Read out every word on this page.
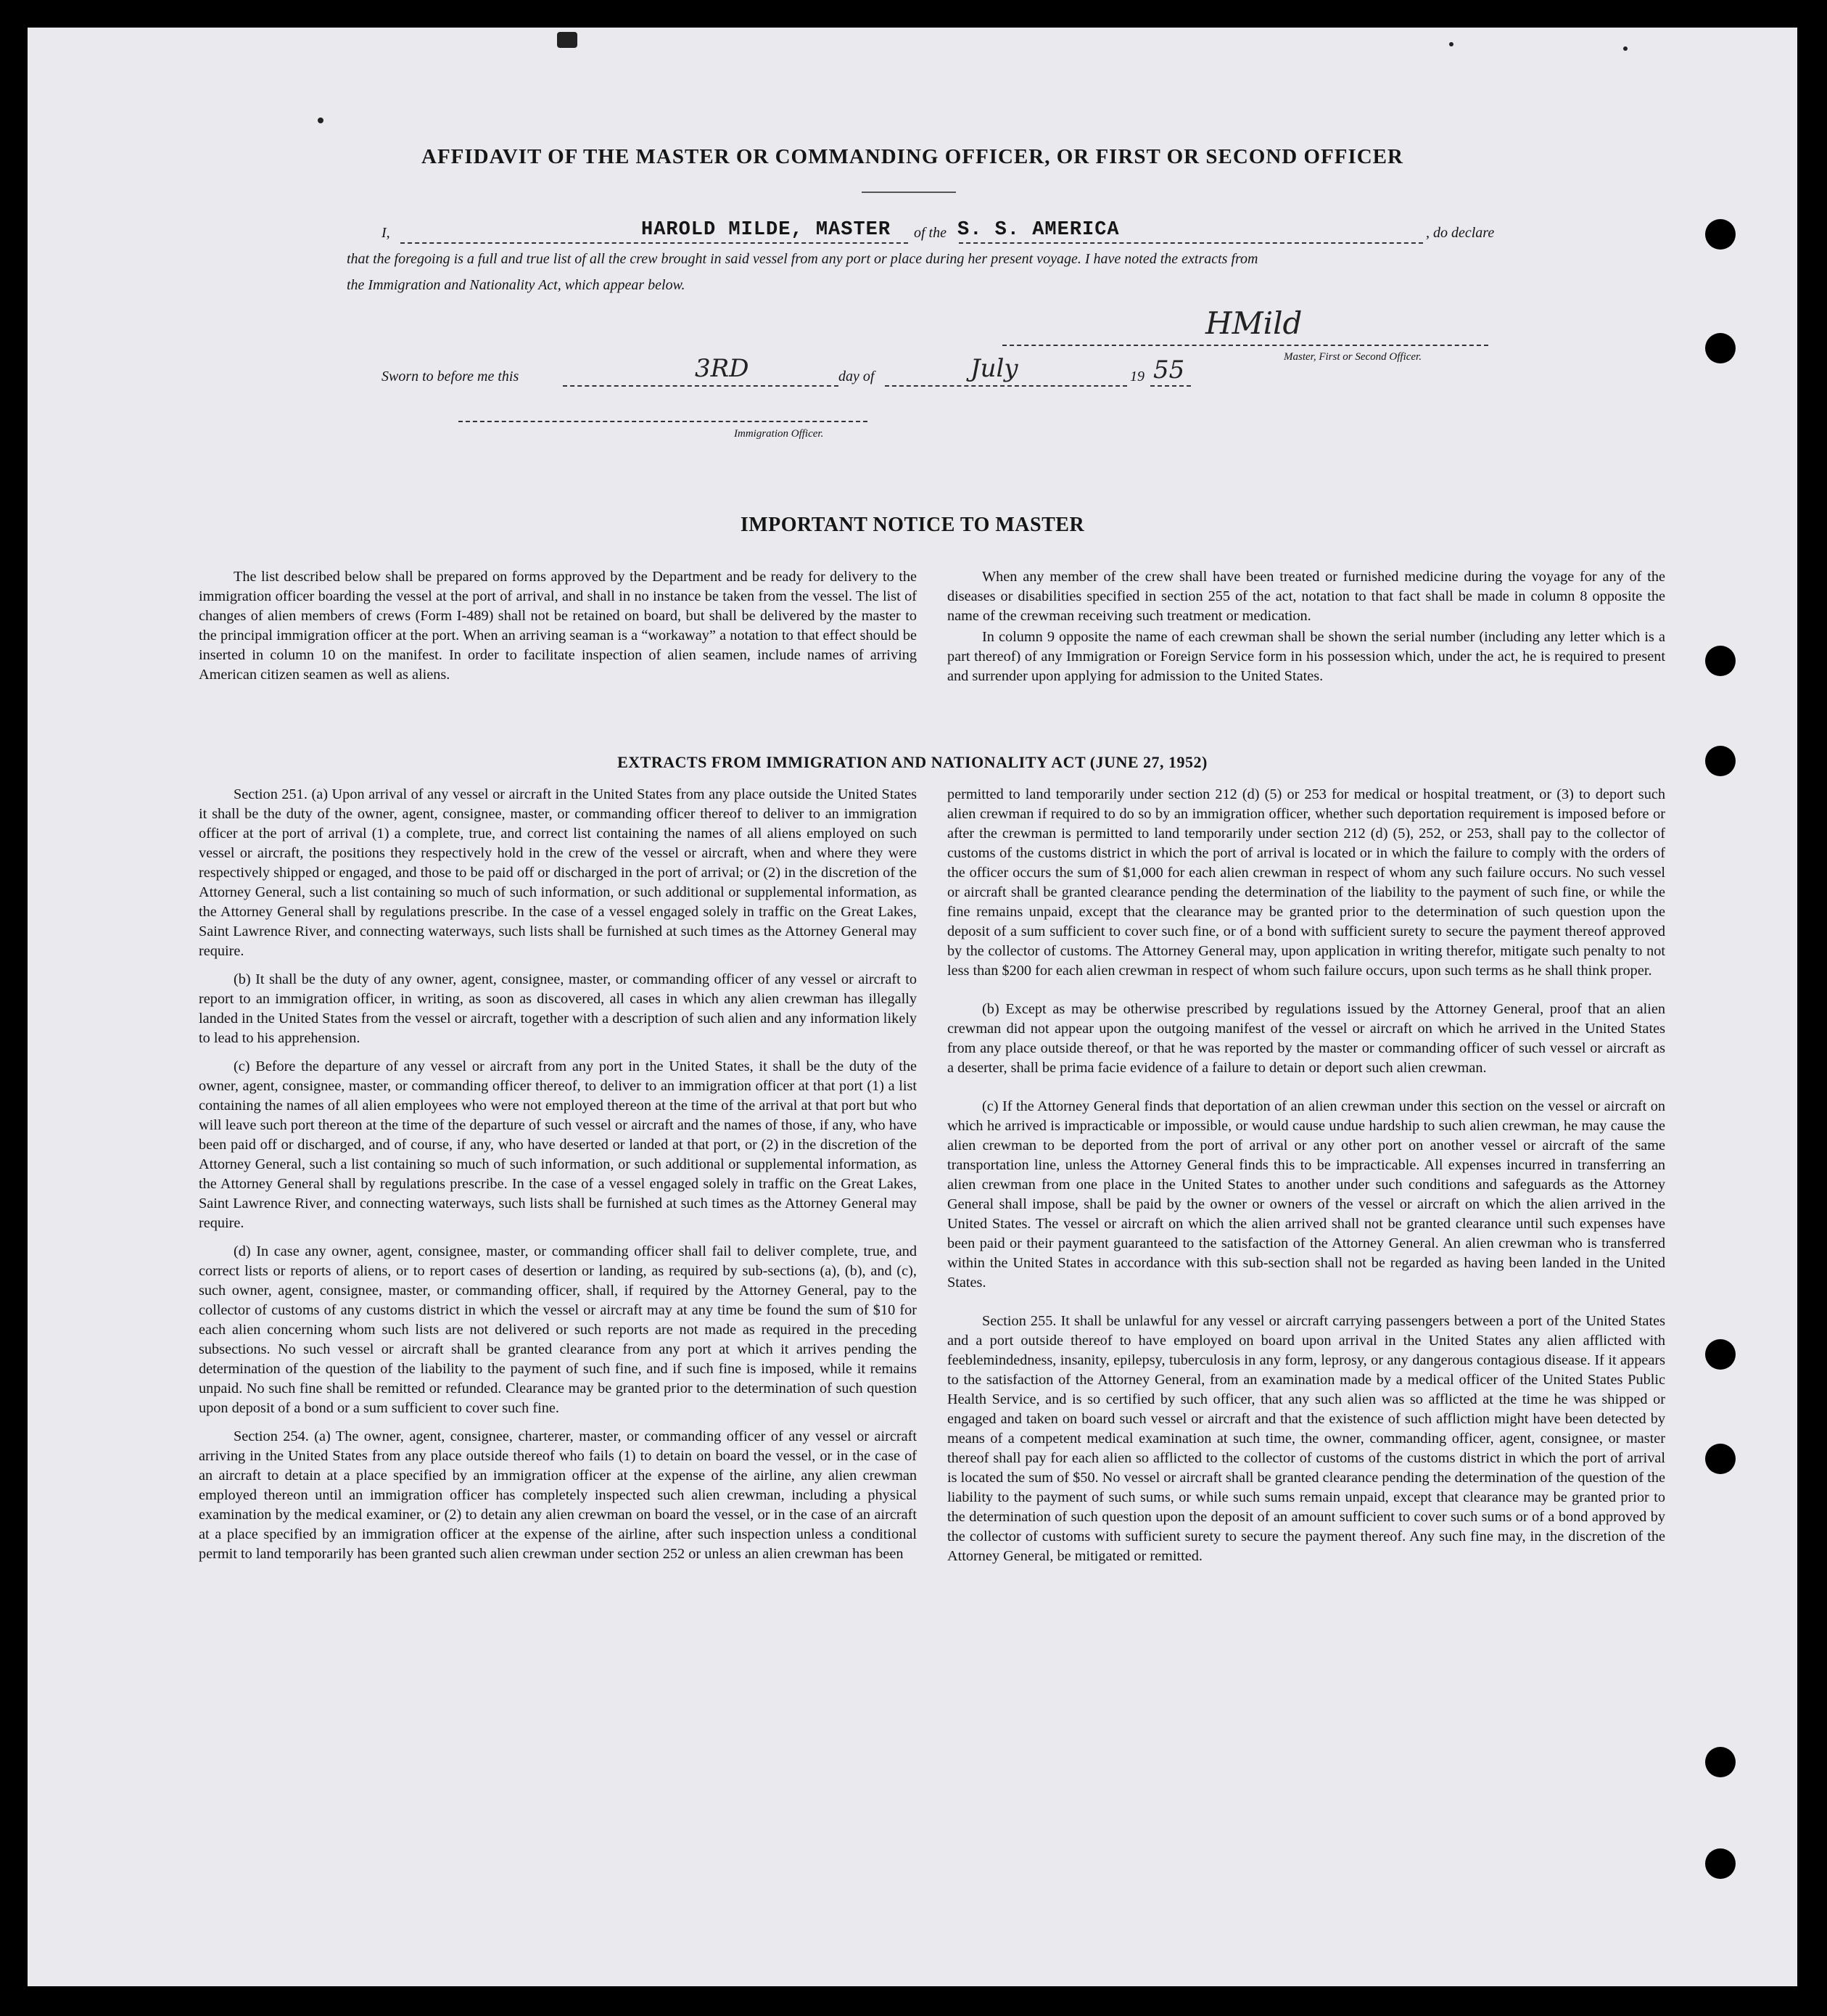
AFFIDAVIT OF THE MASTER OR COMMANDING OFFICER, OR FIRST OR SECOND OFFICER
I,	HAROLD MILDE, MASTER of the S. S. AMERICA	, do declare
that the foregoing is a full and true list of all the crew brought in said vessel from any port or place during her present voyage. I have noted the extracts from
the Immigration and Nationality Act, which appear below.
HMild
Master, First or Second Officer.
Sworn to before me this	3RD	day of	July	19 55
Immigration Officer.
IMPORTANT NOTICE TO MASTER

The list described below shall be prepared on forms approved by the Department and be ready for delivery to the immigration officer boarding the vessel at the port of arrival, and shall in no instance be taken from the vessel. The list of changes of alien members of crews (Form I-489) shall not be retained on board, but shall be delivered by the master to the principal immigration officer at the port. When an arriving seaman is a “workaway” a notation to that effect should be inserted in column 10 on the manifest. In order to facilitate inspection of alien seamen, include names of arriving American citizen seamen as well as aliens.

When any member of the crew shall have been treated or furnished medicine during the voyage for any of the diseases or disabilities specified in section 255 of the act, notation to that fact shall be made in column 8 opposite the name of the crewman receiving such treatment or medication.

In column 9 opposite the name of each crewman shall be shown the serial number (including any letter which is a part thereof) of any Immigration or Foreign Service form in his possession which, under the act, he is required to present and surrender upon applying for admission to the United States.

EXTRACTS FROM IMMIGRATION AND NATIONALITY ACT (JUNE 27, 1952)

Section 251. (a) Upon arrival of any vessel or aircraft in the United States from any place outside the United States it shall be the duty of the owner, agent, consignee, master, or commanding officer thereof to deliver to an immigration officer at the port of arrival (1) a complete, true, and correct list containing the names of all aliens employed on such vessel or aircraft, the positions they respectively hold in the crew of the vessel or aircraft, when and where they were respectively shipped or engaged, and those to be paid off or discharged in the port of arrival; or (2) in the discretion of the Attorney General, such a list containing so much of such information, or such additional or supplemental information, as the Attorney General shall by regulations prescribe. In the case of a vessel engaged solely in traffic on the Great Lakes, Saint Lawrence River, and connecting waterways, such lists shall be furnished at such times as the Attorney General may require.

(b) It shall be the duty of any owner, agent, consignee, master, or commanding officer of any vessel or aircraft to report to an immigration officer, in writing, as soon as discovered, all cases in which any alien crewman has illegally landed in the United States from the vessel or aircraft, together with a description of such alien and any information likely to lead to his apprehension.

(c) Before the departure of any vessel or aircraft from any port in the United States, it shall be the duty of the owner, agent, consignee, master, or commanding officer thereof, to deliver to an immigration officer at that port (1) a list containing the names of all alien employees who were not employed thereon at the time of the arrival at that port but who will leave such port thereon at the time of the departure of such vessel or aircraft and the names of those, if any, who have been paid off or discharged, and of course, if any, who have deserted or landed at that port, or (2) in the discretion of the Attorney General, such a list containing so much of such information, or such additional or supplemental information, as the Attorney General shall by regulations prescribe. In the case of a vessel engaged solely in traffic on the Great Lakes, Saint Lawrence River, and connecting waterways, such lists shall be furnished at such times as the Attorney General may require.

(d) In case any owner, agent, consignee, master, or commanding officer shall fail to deliver complete, true, and correct lists or reports of aliens, or to report cases of desertion or landing, as required by sub-sections (a), (b), and (c), such owner, agent, consignee, master, or commanding officer, shall, if required by the Attorney General, pay to the collector of customs of any customs district in which the vessel or aircraft may at any time be found the sum of $10 for each alien concerning whom such lists are not delivered or such reports are not made as required in the preceding subsections. No such vessel or aircraft shall be granted clearance from any port at which it arrives pending the determination of the question of the liability to the payment of such fine, and if such fine is imposed, while it remains unpaid. No such fine shall be remitted or refunded. Clearance may be granted prior to the determination of such question upon deposit of a bond or a sum sufficient to cover such fine.

Section 254. (a) The owner, agent, consignee, charterer, master, or commanding officer of any vessel or aircraft arriving in the United States from any place outside thereof who fails (1) to detain on board the vessel, or in the case of an aircraft to detain at a place specified by an immigration officer at the expense of the airline, any alien crewman employed thereon until an immigration officer has completely inspected such alien crewman, including a physical examination by the medical examiner, or (2) to detain any alien crewman on board the vessel, or in the case of an aircraft at a place specified by an immigration officer at the expense of the airline, after such inspection unless a conditional permit to land temporarily has been granted such alien crewman under section 252 or unless an alien crewman has been

permitted to land temporarily under section 212 (d) (5) or 253 for medical or hospital treatment, or (3) to deport such alien crewman if required to do so by an immigration officer, whether such deportation requirement is imposed before or after the crewman is permitted to land temporarily under section 212 (d) (5), 252, or 253, shall pay to the collector of customs of the customs district in which the port of arrival is located or in which the failure to comply with the orders of the officer occurs the sum of $1,000 for each alien crewman in respect of whom any such failure occurs. No such vessel or aircraft shall be granted clearance pending the determination of the liability to the payment of such fine, or while the fine remains unpaid, except that the clearance may be granted prior to the determination of such question upon the deposit of a sum sufficient to cover such fine, or of a bond with sufficient surety to secure the payment thereof approved by the collector of customs. The Attorney General may, upon application in writing therefor, mitigate such penalty to not less than $200 for each alien crewman in respect of whom such failure occurs, upon such terms as he shall think proper.

(b) Except as may be otherwise prescribed by regulations issued by the Attorney General, proof that an alien crewman did not appear upon the outgoing manifest of the vessel or aircraft on which he arrived in the United States from any place outside thereof, or that he was reported by the master or commanding officer of such vessel or aircraft as a deserter, shall be prima facie evidence of a failure to detain or deport such alien crewman.

(c) If the Attorney General finds that deportation of an alien crewman under this section on the vessel or aircraft on which he arrived is impracticable or impossible, or would cause undue hardship to such alien crewman, he may cause the alien crewman to be deported from the port of arrival or any other port on another vessel or aircraft of the same transportation line, unless the Attorney General finds this to be impracticable. All expenses incurred in transferring an alien crewman from one place in the United States to another under such conditions and safeguards as the Attorney General shall impose, shall be paid by the owner or owners of the vessel or aircraft on which the alien arrived in the United States. The vessel or aircraft on which the alien arrived shall not be granted clearance until such expenses have been paid or their payment guaranteed to the satisfaction of the Attorney General. An alien crewman who is transferred within the United States in accordance with this sub-section shall not be regarded as having been landed in the United States.

Section 255. It shall be unlawful for any vessel or aircraft carrying passengers between a port of the United States and a port outside thereof to have employed on board upon arrival in the United States any alien afflicted with feeblemindedness, insanity, epilepsy, tuberculosis in any form, leprosy, or any dangerous contagious disease. If it appears to the satisfaction of the Attorney General, from an examination made by a medical officer of the United States Public Health Service, and is so certified by such officer, that any such alien was so afflicted at the time he was shipped or engaged and taken on board such vessel or aircraft and that the existence of such affliction might have been detected by means of a competent medical examination at such time, the owner, commanding officer, agent, consignee, or master thereof shall pay for each alien so afflicted to the collector of customs of the customs district in which the port of arrival is located the sum of $50. No vessel or aircraft shall be granted clearance pending the determination of the question of the liability to the payment of such sums, or while such sums remain unpaid, except that clearance may be granted prior to the determination of such question upon the deposit of an amount sufficient to cover such sums or of a bond approved by the collector of customs with sufficient surety to secure the payment thereof. Any such fine may, in the discretion of the Attorney General, be mitigated or remitted.
